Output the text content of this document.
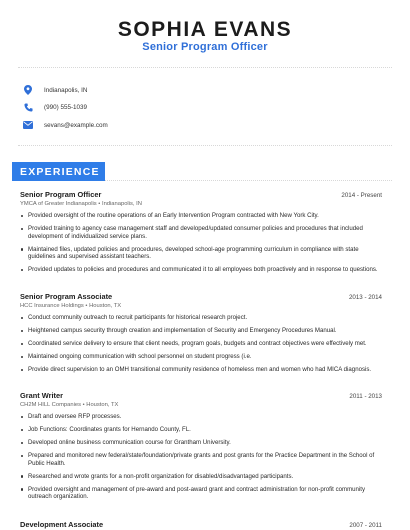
SOPHIA EVANS
Senior Program Officer
Indianapolis, IN
(990) 555-1039
sevans@example.com
EXPERIENCE
Senior Program Officer	2014 - Present
YMCA of Greater Indianapolis • Indianapolis, IN
Provided oversight of the routine operations of an Early Intervention Program contracted with New York City.
Provided training to agency case management staff and developed/updated consumer policies and procedures that included development of individualized service plans.
Maintained files, updated policies and procedures, developed school-age programming curriculum in compliance with state guidelines and supervised assistant teachers.
Provided updates to policies and procedures and communicated it to all employees both proactively and in response to questions.
Senior Program Associate	2013 - 2014
HCC Insurance Holdings • Houston, TX
Conduct community outreach to recruit participants for historical research project.
Heightened campus security through creation and implementation of Security and Emergency Procedures Manual.
Coordinated service delivery to ensure that client needs, program goals, budgets and contract objectives were effectively met.
Maintained ongoing communication with school personnel on student progress (i.e.
Provide direct supervision to an OMH transitional community residence of homeless men and women who had MICA diagnosis.
Grant Writer	2011 - 2013
CH2M HILL Companies • Houston, TX
Draft and oversee RFP processes.
Job Functions: Coordinates grants for Hernando County, FL.
Developed online business communication course for Grantham University.
Prepared and monitored new federal/state/foundation/private grants and post grants for the Practice Department in the School of Public Health.
Researched and wrote grants for a non-profit organization for disabled/disadvantaged participants.
Provided oversight and management of pre-award and post-award grant and contract administration for non-profit community outreach organization.
Development Associate	2007 - 2011
